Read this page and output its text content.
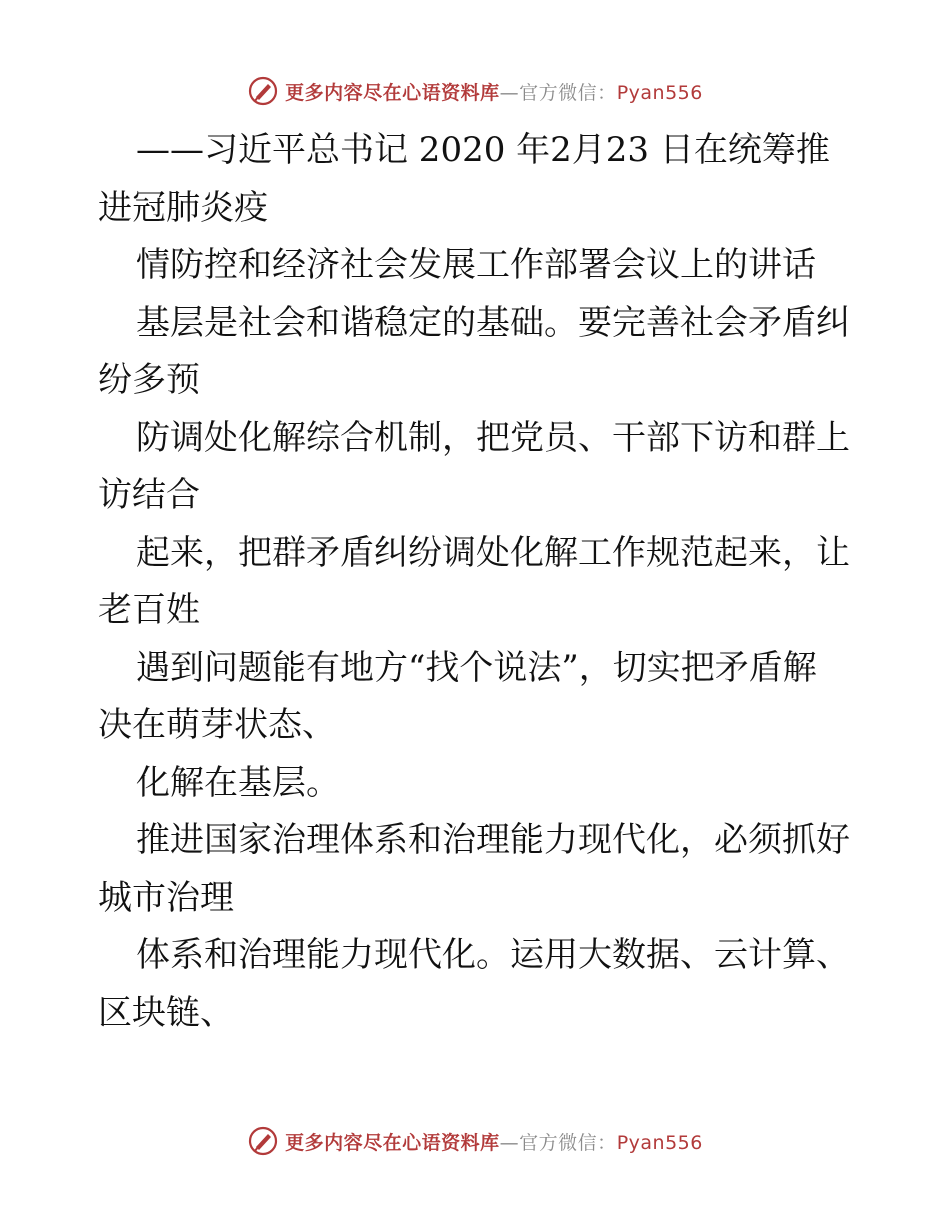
更多内容尽在心语资料库—官方微信：Pyan556
——习近平总书记 2020 年2月23 日在统筹推
进冠肺炎疫
情防控和经济社会发展工作部署会议上的讲话
基层是社会和谐稳定的基础。要完善社会矛盾纠
纷多预
防调处化解综合机制，把党员、干部下访和群上
访结合
起来，把群矛盾纠纷调处化解工作规范起来，让
老百姓
遇到问题能有地方“找个说法”，切实把矛盾解
决在萌芽状态、
化解在基层。
推进国家治理体系和治理能力现代化，必须抓好
城市治理
体系和治理能力现代化。运用大数据、云计算、
区块链、
更多内容尽在心语资料库—官方微信：Pyan556
